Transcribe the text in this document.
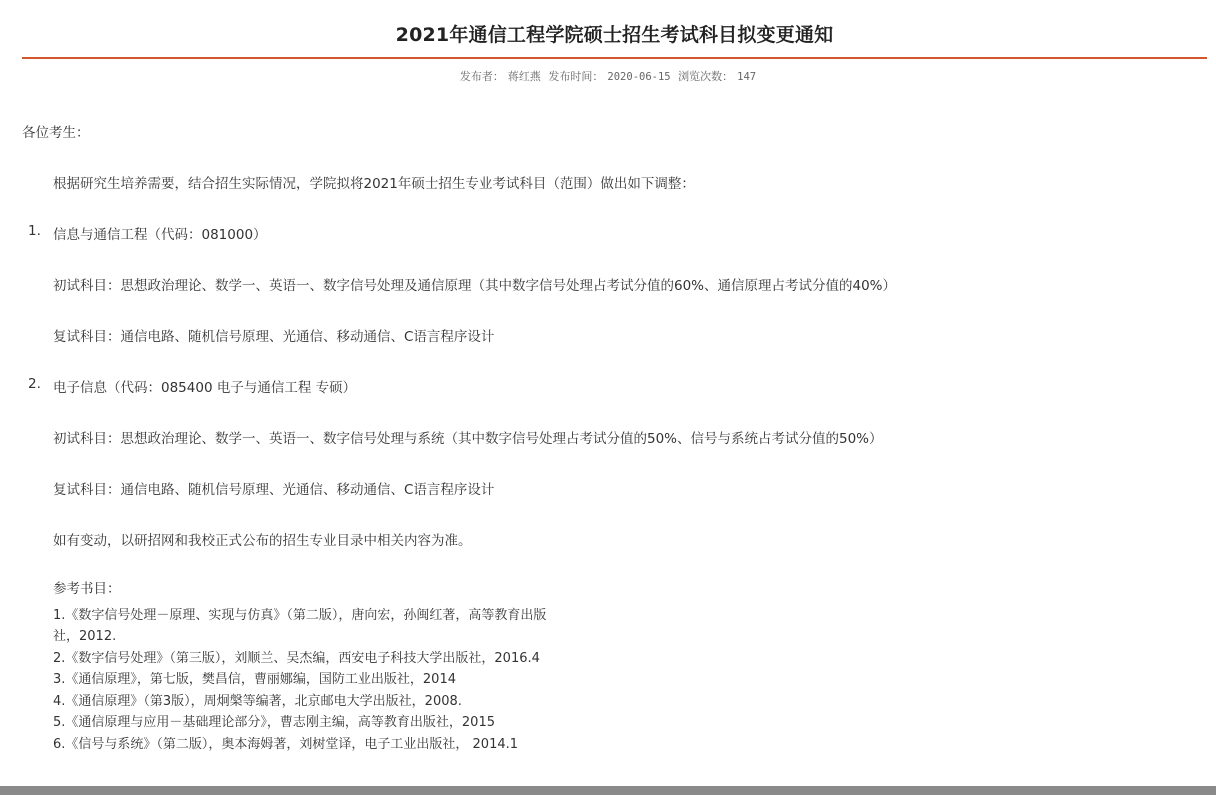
2021年通信工程学院硕士招生考试科目拟变更通知
发布者： 蒋红燕 发布时间： 2020-06-15 浏览次数： 147
各位考生：
根据研究生培养需要，结合招生实际情况，学院拟将2021年硕士招生专业考试科目（范围）做出如下调整：
1. 信息与通信工程（代码：081000）
初试科目：思想政治理论、数学一、英语一、数字信号处理及通信原理（其中数字信号处理占考试分值的60%、通信原理占考试分值的40%）
复试科目：通信电路、随机信号原理、光通信、移动通信、C语言程序设计
2. 电子信息（代码：085400 电子与通信工程 专硕）
初试科目：思想政治理论、数学一、英语一、数字信号处理与系统（其中数字信号处理占考试分值的50%、信号与系统占考试分值的50%）
复试科目：通信电路、随机信号原理、光通信、移动通信、C语言程序设计
如有变动，以研招网和我校正式公布的招生专业目录中相关内容为准。
参考书目：
1.《数字信号处理－原理、实现与仿真》（第二版），唐向宏，孙闽红著，高等教育出版
社，2012.
2.《数字信号处理》（第三版），刘顺兰、吴杰编，西安电子科技大学出版社，2016.4
3.《通信原理》，第七版，樊昌信，曹丽娜编，国防工业出版社，2014
4.《通信原理》（第3版），周炯槃等编著，北京邮电大学出版社，2008.
5.《通信原理与应用－基础理论部分》，曹志刚主编，高等教育出版社，2015
6.《信号与系统》（第二版），奥本海姆著，刘树堂译，电子工业出版社， 2014.1
